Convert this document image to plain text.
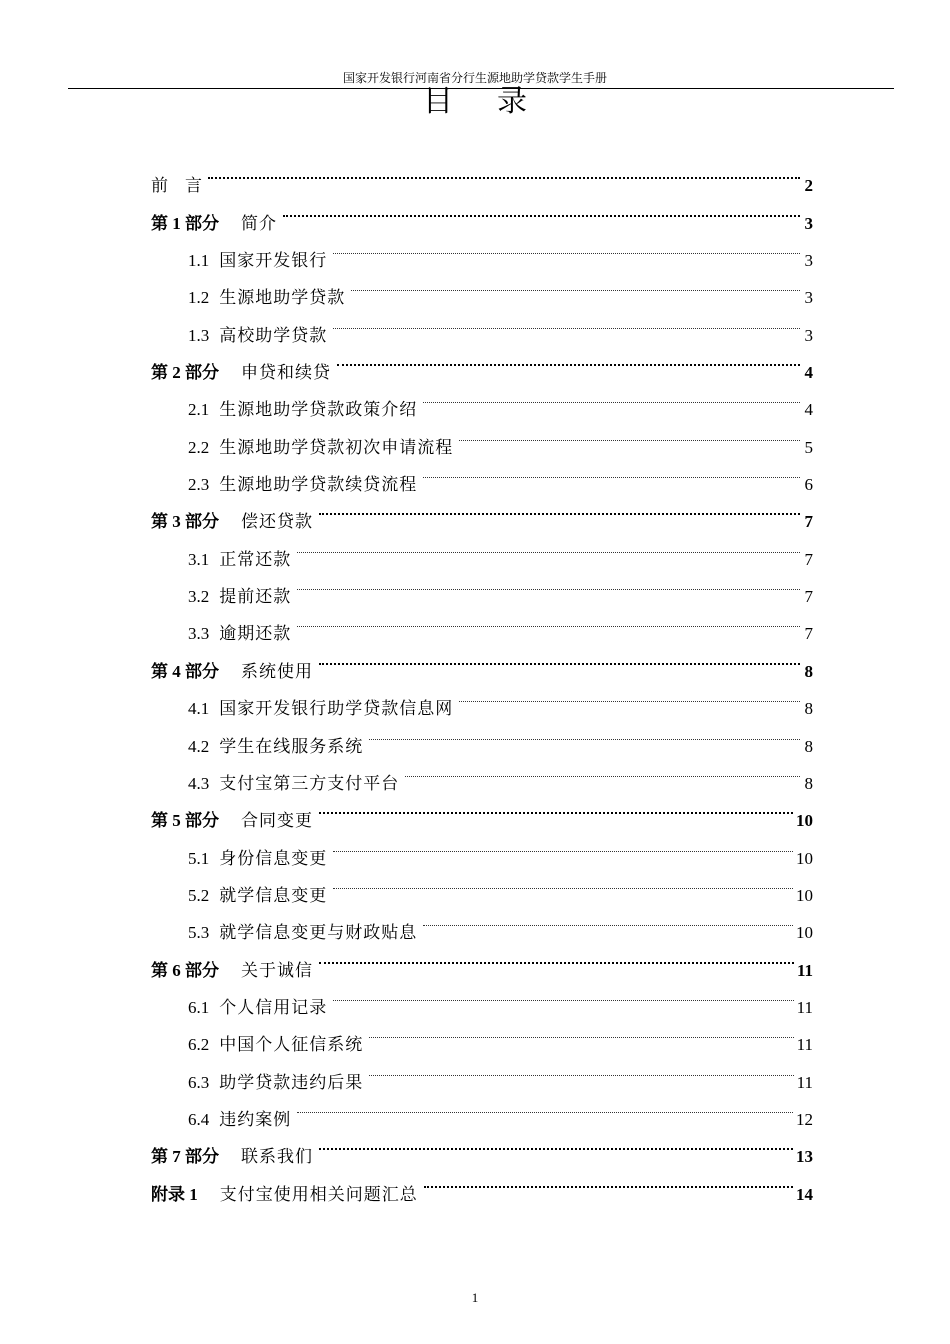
国家开发银行河南省分行生源地助学贷款学生手册
目录
前　言	2
第 1 部分 简介	3
1.1 国家开发银行	3
1.2 生源地助学贷款	3
1.3 高校助学贷款	3
第 2 部分 申贷和续贷	4
2.1 生源地助学贷款政策介绍	4
2.2 生源地助学贷款初次申请流程	5
2.3 生源地助学贷款续贷流程	6
第 3 部分 偿还贷款	7
3.1 正常还款	7
3.2 提前还款	7
3.3 逾期还款	7
第 4 部分 系统使用	8
4.1 国家开发银行助学贷款信息网	8
4.2 学生在线服务系统	8
4.3 支付宝第三方支付平台	8
第 5 部分 合同变更	10
5.1 身份信息变更	10
5.2 就学信息变更	10
5.3 就学信息变更与财政贴息	10
第 6 部分 关于诚信	11
6.1 个人信用记录	11
6.2 中国个人征信系统	11
6.3 助学贷款违约后果	11
6.4 违约案例	12
第 7 部分 联系我们	13
附录 1 支付宝使用相关问题汇总	14
1
